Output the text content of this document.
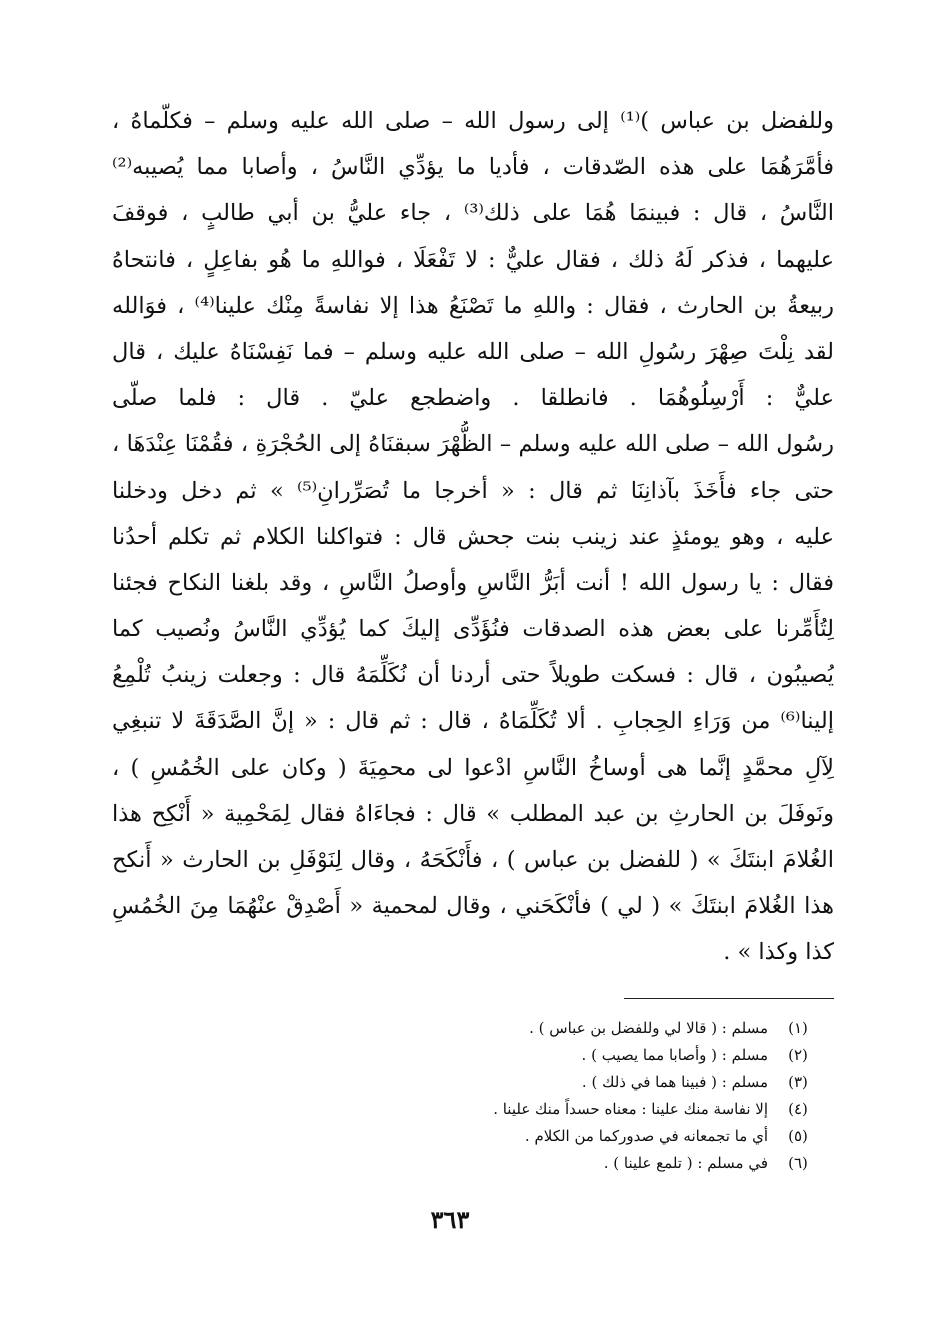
وللفضل بن عباس )⁽¹⁾ إلى رسول الله – صلى الله عليه وسلم – فكلّماهُ ،
فأمَّرَهُمَا على هذه الصّدقات ، فأديا ما يؤدِّي النَّاسُ ، وأصابا مما يُصيبه⁽²⁾
النَّاسُ ، قال : فبينمَا هُمَا على ذلك⁽³⁾ ، جاء عليُّ بن أبي طالبٍ ، فوقفَ
عليهما ، فذكر لَهُ ذلك ، فقال عليٌّ : لا تَفْعَلَا ، فواللهِ ما هُو بفاعِلٍ ، فانتحاهُ
ربيعةُ بن الحارث ، فقال : واللهِ ما تَصْنَعُ هذا إلا نفاسةً مِنْك علينا⁽⁴⁾ ، فوَالله
لقد نِلْتَ صِهْرَ رسُولِ الله – صلى الله عليه وسلم – فما نَفِسْنَاهُ عليك ، قال
عليٌّ : أَرْسِلُوهُمَا . فانطلقا . واضطجع عليّ . قال : فلما صلّى
رسُول الله – صلى الله عليه وسلم – الظُّهْرَ سبقنَاهُ إلى الحُجْرَةِ ، فقُمْنَا عِنْدَهَا ،
حتى جاء فأَخَذَ بآذانِنَا ثم قال : « أخرجا ما تُصَرِّرانِ⁽⁵⁾ » ثم دخل ودخلنا
عليه ، وهو يومئذٍ عند زينب بنت جحش قال : فتواكلنا الكلام ثم تكلم أحدُنا
فقال : يا رسول الله ! أنت أبَرُّ النَّاسِ وأوصلُ النَّاسِ ، وقد بلغنا النكاح فجئنا
لِتُأَمِّرنا على بعض هذه الصدقات فنُؤَدِّى إليكَ كما يُؤدِّي النَّاسُ ونُصيب كما
يُصيبُون ، قال : فسكت طويلاً حتى أردنا أن نُكَلِّمَهُ قال : وجعلت زينبُ تُلْمِعُ
إلينا⁽⁶⁾ من وَرَاءِ الحِجابِ . ألا تُكَلِّمَاهُ ، قال : ثم قال : « إنَّ الصَّدَقَةَ لا تنبغِي
لِآلِ محمَّدٍ إنَّما هى أوساخُ النَّاسِ ادْعوا لى محمِيَةَ ( وكان على الخُمُسِ ) ،
ونَوفَلَ بن الحارثِ بن عبد المطلب » قال : فجاءَاهُ فقال لِمَحْمِية « أَنْكِح هذا
الغُلامَ ابنتَكَ » ( للفضل بن عباس ) ، فأَنْكَحَهُ ، وقال لِنَوْفَلِ بن الحارث « أَنكح
هذا الغُلامَ ابنتَكَ » ( لي ) فأنْكَحَني ، وقال لمحمية « أَصْدِقْ عنْهُمَا مِنَ الخُمُسِ
كذا وكذا » .
(١)
مسلم : ( قالا لي وللفضل بن عباس ) .
(٢)
مسلم : ( وأصابا مما يصيب ) .
(٣)
مسلم : ( فبينا هما في ذلك ) .
(٤)
إلا نفاسة منك علينا : معناه حسداً منك علينا .
(٥)
أي ما تجمعانه في صدوركما من الكلام .
(٦)
في مسلم : ( تلمع علينا ) .
٣٦٣
